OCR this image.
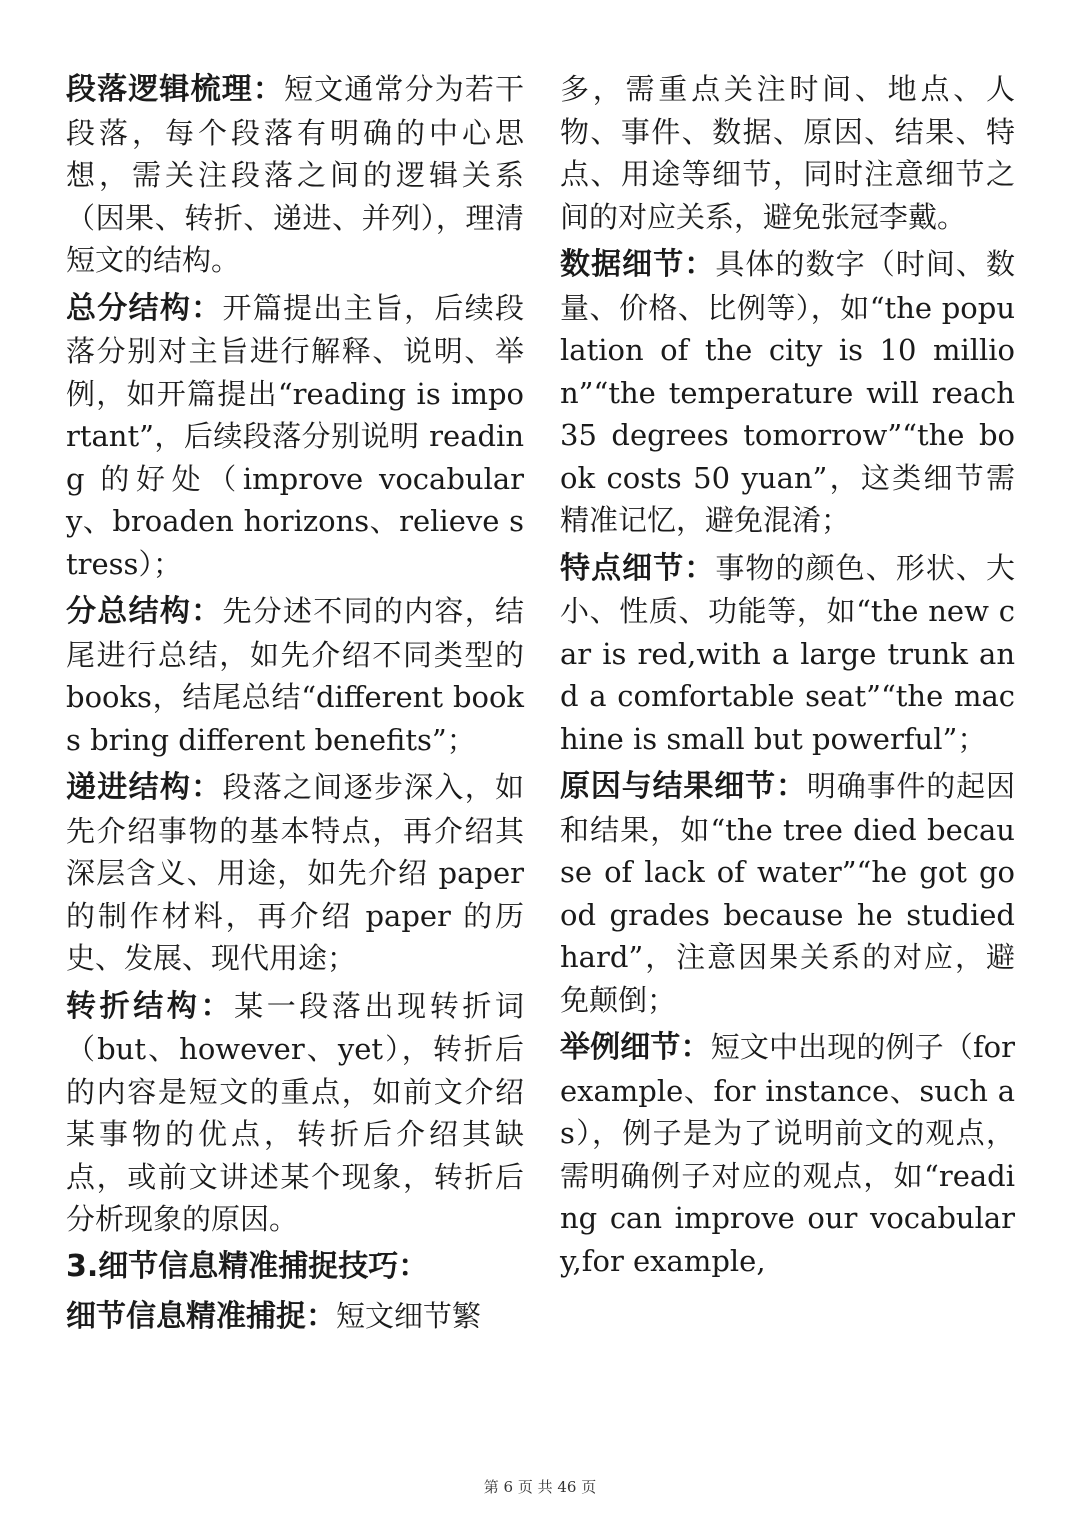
段落逻辑梳理：短文通常分为若干段落，每个段落有明确的中心思想，需关注段落之间的逻辑关系（因果、转折、递进、并列），理清短文的结构。

总分结构：开篇提出主旨，后续段落分别对主旨进行解释、说明、举例，如开篇提出“reading is important”，后续段落分别说明 reading 的好处（improve vocabulary、broaden horizons、relieve stress）；

分总结构：先分述不同的内容，结尾进行总结，如先介绍不同类型的 books，结尾总结“different books bring different benefits”；

递进结构：段落之间逐步深入，如先介绍事物的基本特点，再介绍其深层含义、用途，如先介绍 paper 的制作材料，再介绍 paper 的历史、发展、现代用途；

转折结构：某一段落出现转折词（but、however、yet），转折后的内容是短文的重点，如前文介绍某事物的优点，转折后介绍其缺点，或前文讲述某个现象，转折后分析现象的原因。

3.细节信息精准捕捉技巧：

细节信息精准捕捉：短文细节繁

多，需重点关注时间、地点、人物、事件、数据、原因、结果、特点、用途等细节，同时注意细节之间的对应关系，避免张冠李戴。

数据细节：具体的数字（时间、数量、价格、比例等），如“the population of the city is 10 million”“the temperature will reach 35 degrees tomorrow”“the book costs 50 yuan”，这类细节需精准记忆，避免混淆；

特点细节：事物的颜色、形状、大小、性质、功能等，如“the new car is red,with a large trunk and a comfortable seat”“the machine is small but powerful”；

原因与结果细节：明确事件的起因和结果，如“the tree died because of lack of water”“he got good grades because he studied hard”，注意因果关系的对应，避免颠倒；

举例细节：短文中出现的例子（for example、for instance、such as），例子是为了说明前文的观点，需明确例子对应的观点，如“reading can improve our vocabulary,for example,

第 6 页 共 46 页
